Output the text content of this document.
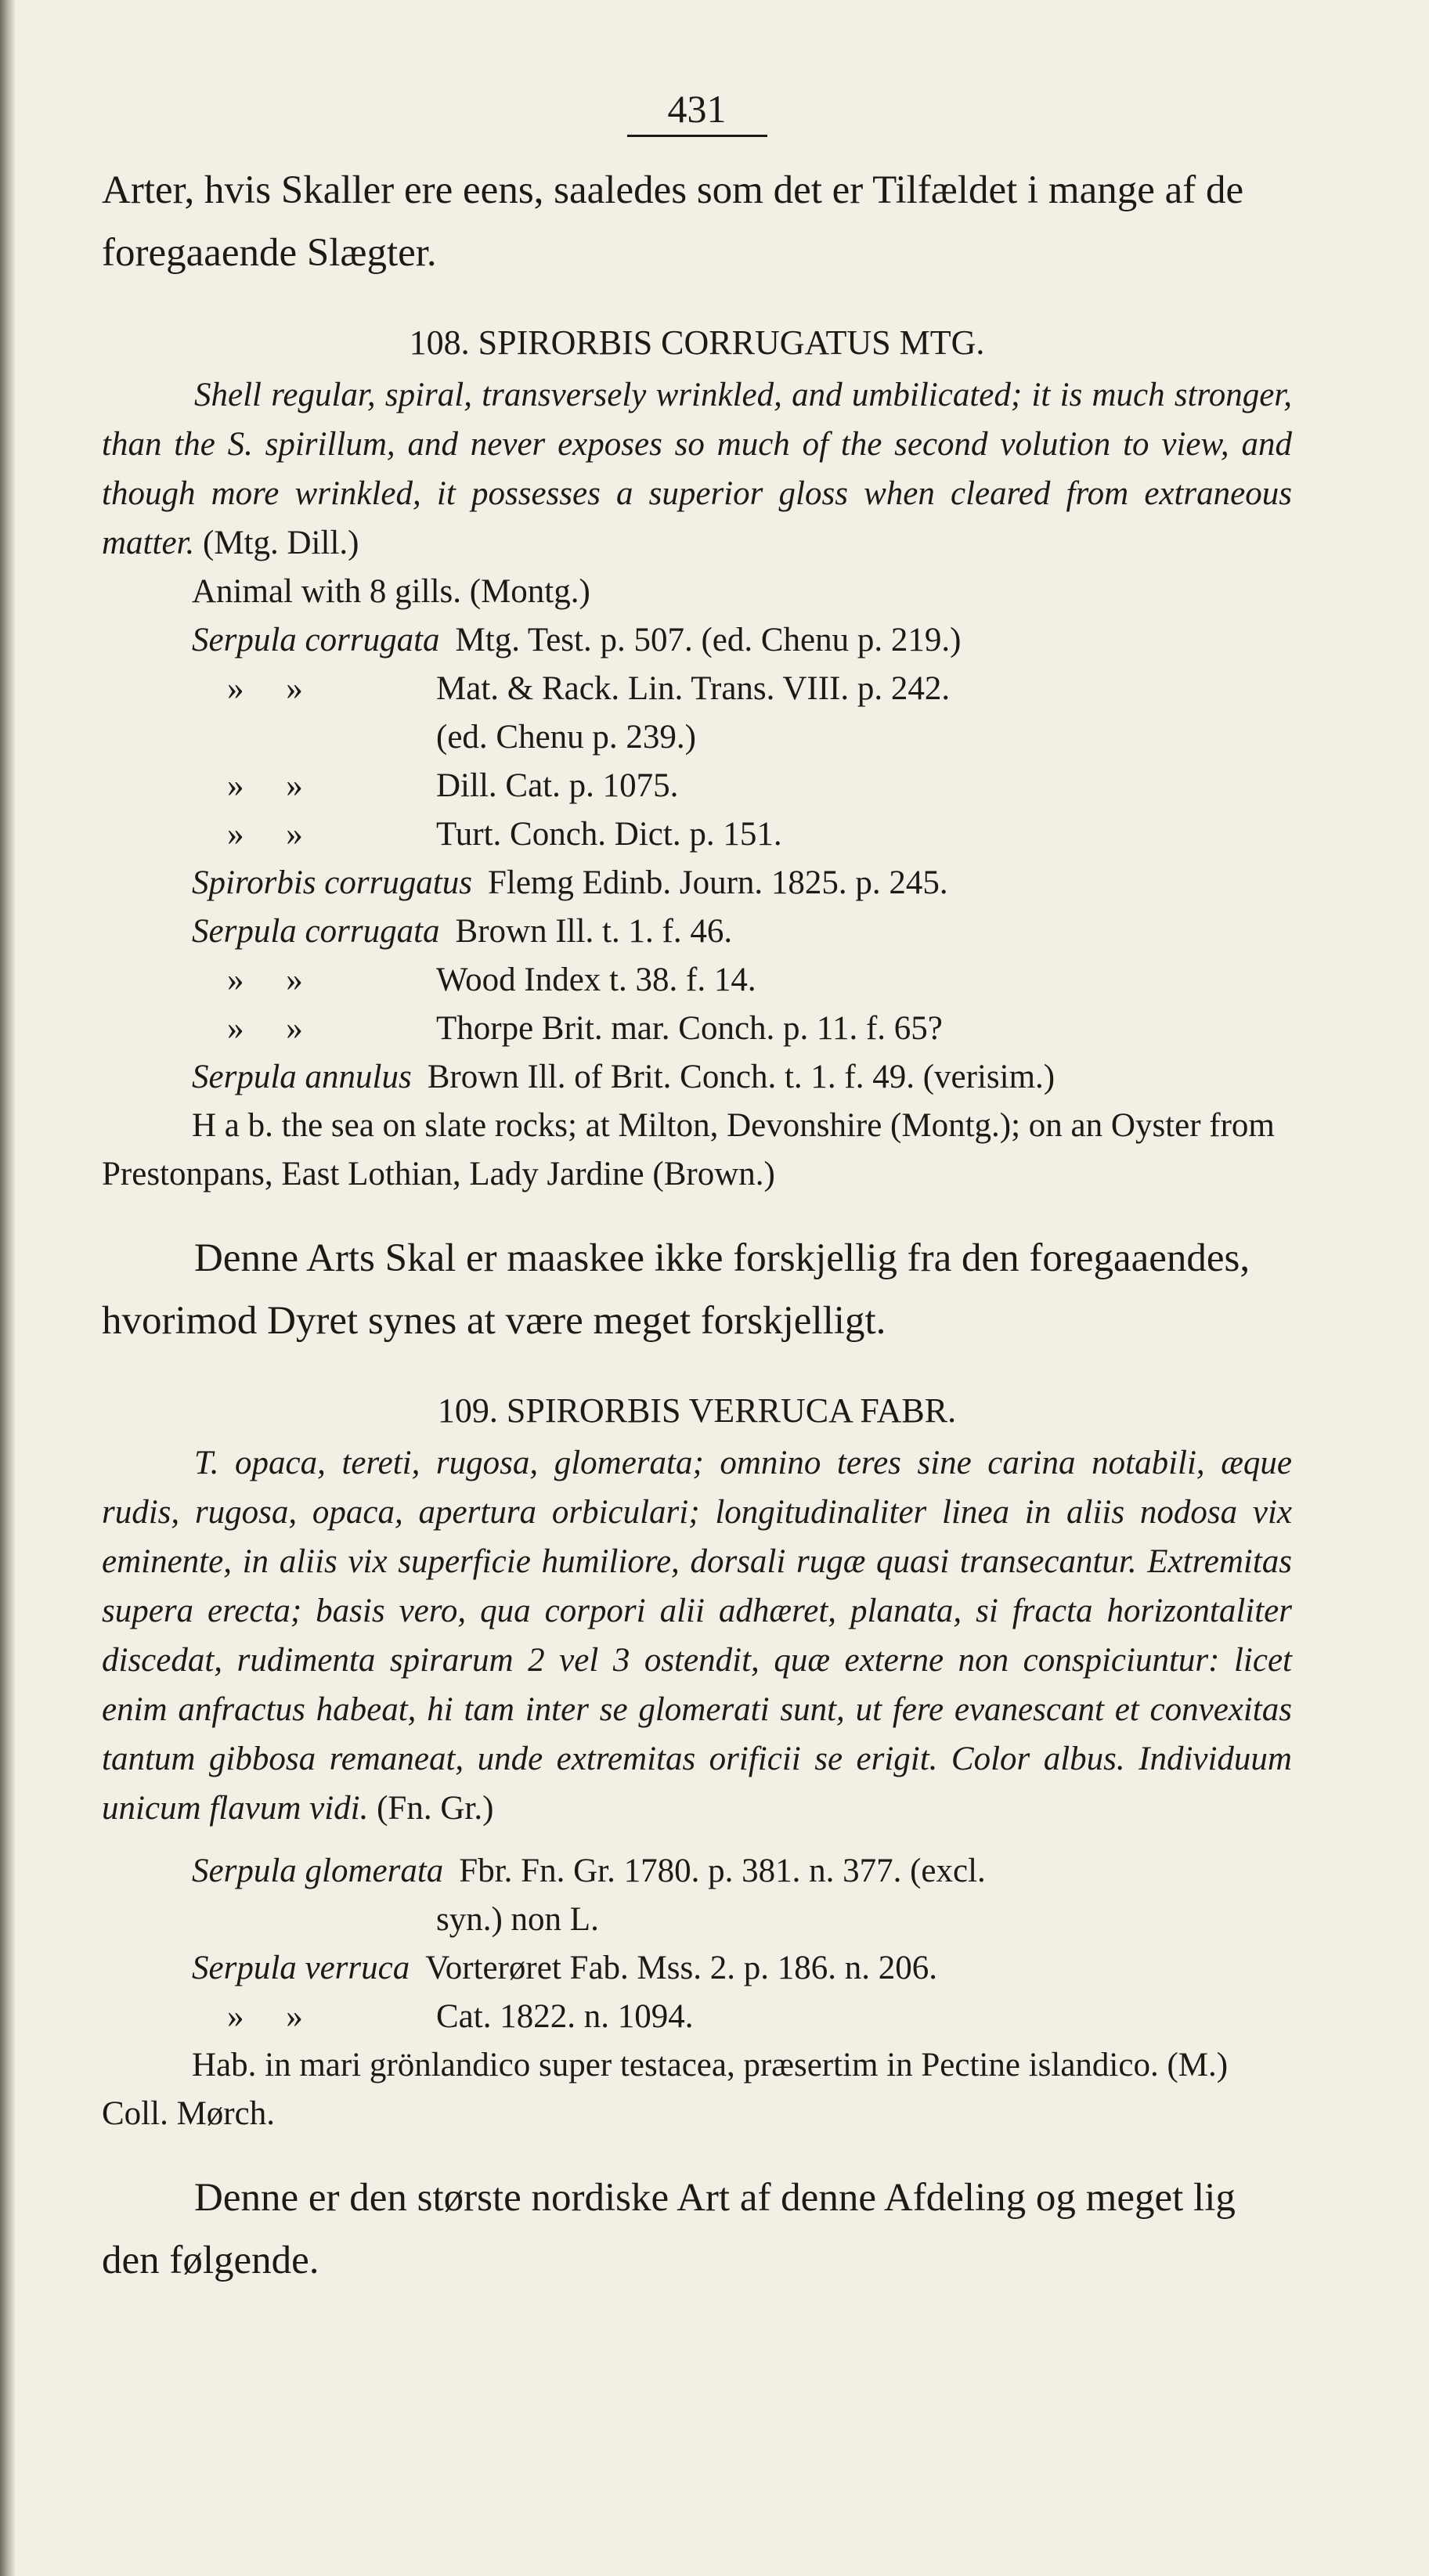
431

Arter, hvis Skaller ere eens, saaledes som det er Tilfældet i mange af de foregaaende Slægter.

108. SPIRORBIS CORRUGATUS MTG.

Shell regular, spiral, transversely wrinkled, and umbilicated; it is much stronger, than the S. spirillum, and never exposes so much of the second volution to view, and though more wrinkled, it possesses a superior gloss when cleared from extraneous matter. (Mtg. Dill.)

Animal with 8 gills. (Montg.)
Serpula corrugata Mtg. Test. p. 507. (ed. Chenu p. 219.)
»     »	Mat. & Rack. Lin. Trans. VIII. p. 242.
(ed. Chenu p. 239.)
»     »	Dill. Cat. p. 1075.
»     »	Turt. Conch. Dict. p. 151.
Spirorbis corrugatus Flemg Edinb. Journ. 1825. p. 245.
Serpula corrugata Brown Ill. t. 1. f. 46.
»     »	Wood Index t. 38. f. 14.
»     »	Thorpe Brit. mar. Conch. p. 11. f. 65?
Serpula annulus Brown Ill. of Brit. Conch. t. 1. f. 49. (verisim.)

H a b. the sea on slate rocks; at Milton, Devonshire (Montg.); on an Oyster from Prestonpans, East Lothian, Lady Jardine (Brown.)

Denne Arts Skal er maaskee ikke forskjellig fra den foregaaendes, hvorimod Dyret synes at være meget forskjelligt.

109. SPIRORBIS VERRUCA FABR.

T. opaca, tereti, rugosa, glomerata; omnino teres sine carina notabili, æque rudis, rugosa, opaca, apertura orbiculari; longitudinaliter linea in aliis nodosa vix eminente, in aliis vix superficie humiliore, dorsali rugæ quasi transecantur. Extremitas supera erecta; basis vero, qua corpori alii adhæret, planata, si fracta horizontaliter discedat, rudimenta spirarum 2 vel 3 ostendit, quæ externe non conspiciuntur: licet enim anfractus habeat, hi tam inter se glomerati sunt, ut fere evanescant et convexitas tantum gibbosa remaneat, unde extremitas orificii se erigit. Color albus. Individuum unicum flavum vidi. (Fn. Gr.)

Serpula glomerata Fbr. Fn. Gr. 1780. p. 381. n. 377. (excl.
syn.) non L.
Serpula verruca Vorterøret Fab. Mss. 2. p. 186. n. 206.
»     »	Cat. 1822. n. 1094.

Hab. in mari grönlandico super testacea, præsertim in Pectine islandico. (M.) Coll. Mørch.

Denne er den største nordiske Art af denne Afdeling og meget lig den følgende.
